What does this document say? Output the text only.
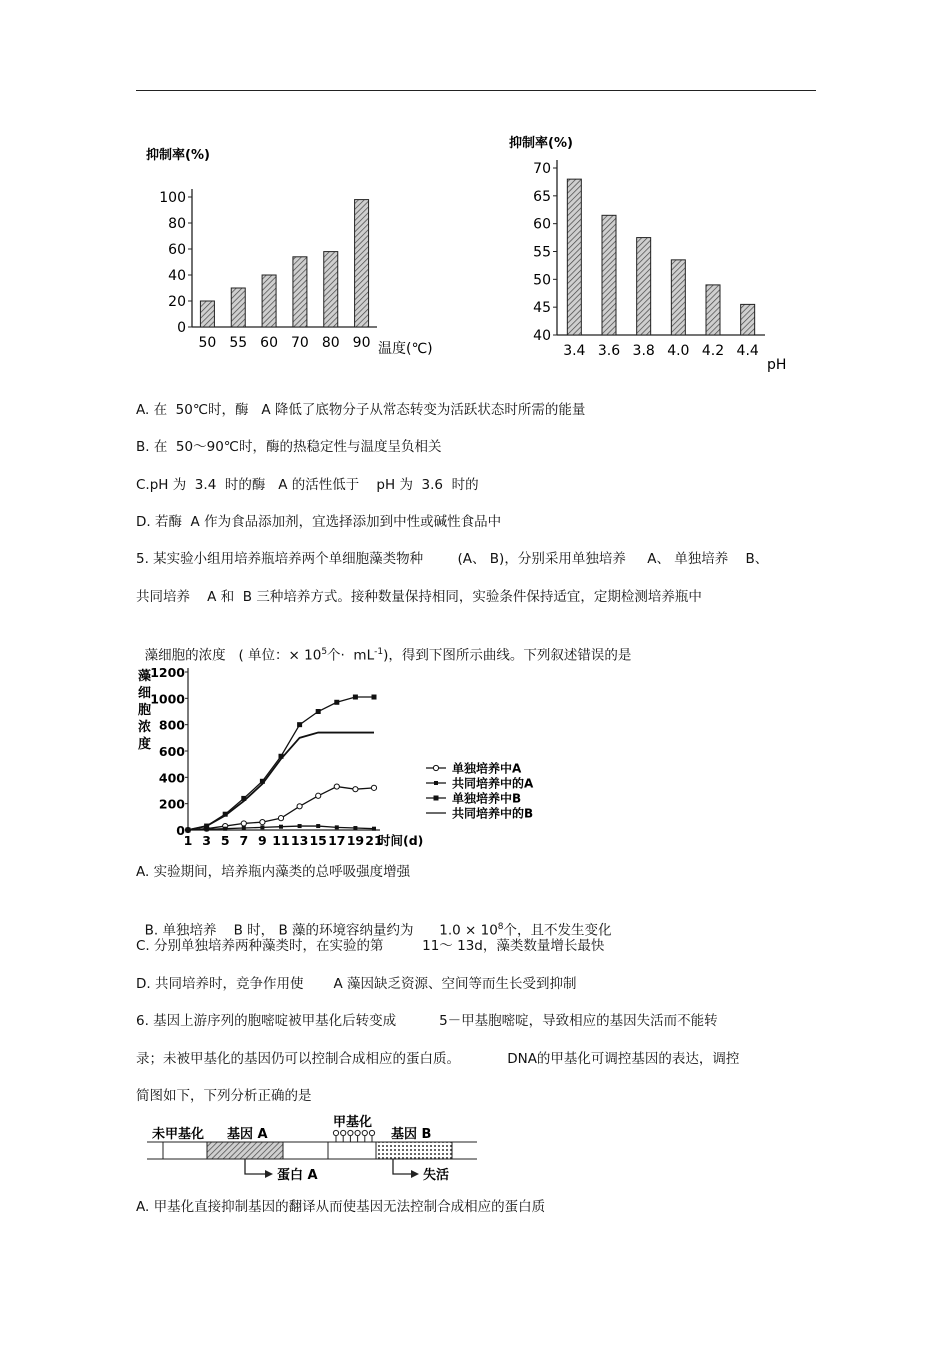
抑制率(%)
0
20
40
60
80
100
50 55 60 70 80 90 温度(℃)
抑制率(%)
40
45
50
55
60
65
70
3.4 3.6 3.8 4.0 4.2 4.4
pH
A. 在  50℃时，酶   A 降低了底物分子从常态转变为活跃状态时所需的能量
B. 在  50～90℃时，酶的热稳定性与温度呈负相关
C.pH 为  3.4  时的酶   A 的活性低于    pH 为  3.6  时的
D. 若酶  A 作为食品添加剂，宜选择添加到中性或碱性食品中
5. 某实验小组用培养瓶培养两个单细胞藻类物种        (A、 B)，分别采用单独培养     A、 单独培养    B、
共同培养    A 和  B 三种培养方式。接种数量保持相同，实验条件保持适宜，定期检测培养瓶中

藻细胞的浓度   ( 单位：× $10^5$个·  $mL^{-1}$)，得到下图所示曲线。下列叙述错误的是

藻
细
胞
浓
度
0
200
400
600
800
1000
1200
1 3 5 7 9 11 13 15 17 19 21
时间(d)
单独培养中A
共同培养中的A
单独培养中B
共同培养中的B
A. 实验期间，培养瓶内藻类的总呼吸强度增强

B. 单独培养    B 时， B 藻的环境容纳量约为      $1.0 \times 10^8$个，且不发生变化

C. 分别单独培养两种藻类时，在实验的第         11～ 13d，藻类数量增长最快
D. 共同培养时，竞争作用使       A 藻因缺乏资源、空间等而生长受到抑制
6. 基因上游序列的胞嘧啶被甲基化后转变成          5－甲基胞嘧啶，导致相应的基因失活而不能转
录；未被甲基化的基因仍可以控制合成相应的蛋白质。           DNA的甲基化可调控基因的表达，调控
简图如下，下列分析正确的是
未甲基化 基因 A
甲基化
基因 B
蛋白 A	失活
A. 甲基化直接抑制基因的翻译从而使基因无法控制合成相应的蛋白质
